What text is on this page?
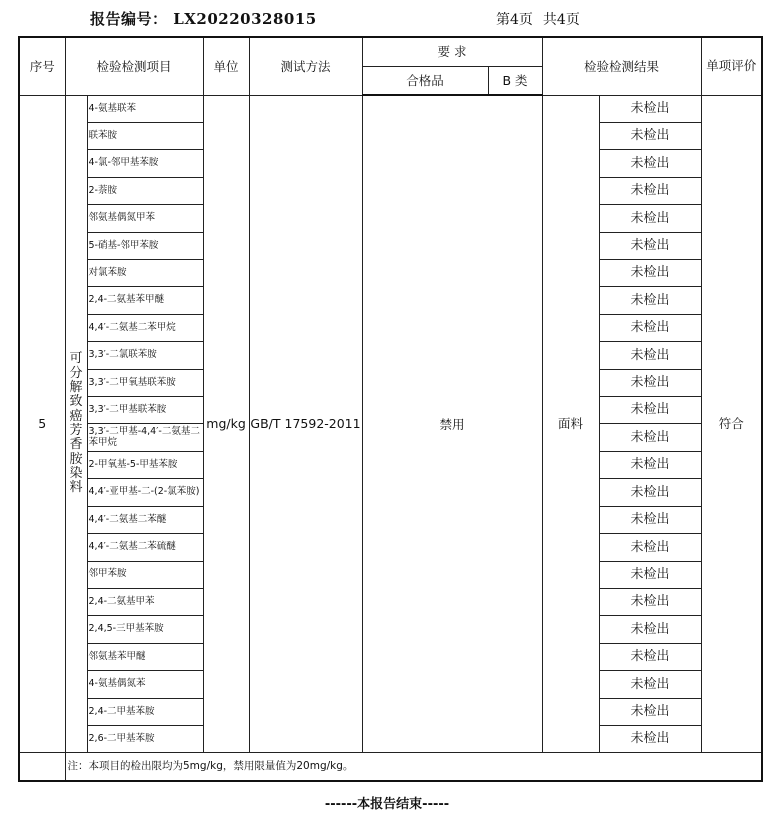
报告编号： LX20220328015	第4页 共4页
序号	检验检测项目		单位	测试方法	要 求		检验检测结果		单项评价
					合格品	B 类			
5	可分解致癌芳香胺染料	4-氨基联苯	mg/kg	GB/T 17592-2011	禁用		面料	未检出	符合
		联苯胺						未检出	
		4-氯-邻甲基苯胺						未检出	
		2-萘胺						未检出	
		邻氨基偶氮甲苯						未检出	
		5-硝基-邻甲苯胺						未检出	
		对氯苯胺						未检出	
		2,4-二氨基苯甲醚						未检出	
		4,4′-二氨基二苯甲烷						未检出	
		3,3′-二氯联苯胺						未检出	
		3,3′-二甲氧基联苯胺						未检出	
		3,3′-二甲基联苯胺						未检出	
		3,3′-二甲基-4,4′-二氨基二苯甲烷						未检出	
		2-甲氧基-5-甲基苯胺						未检出	
		4,4′-亚甲基-二-(2-氯苯胺)						未检出	
		4,4′-二氨基二苯醚						未检出	
		4,4′-二氨基二苯硫醚						未检出	
		邻甲苯胺						未检出	
		2,4-二氨基甲苯						未检出	
		2,4,5-三甲基苯胺						未检出	
		邻氨基苯甲醚						未检出	
		4-氨基偶氮苯						未检出	
		2,4-二甲基苯胺						未检出	
		2,6-二甲基苯胺						未检出	
	注：本项目的检出限均为5mg/kg，禁用限量值为20mg/kg。								
------本报告结束-----
